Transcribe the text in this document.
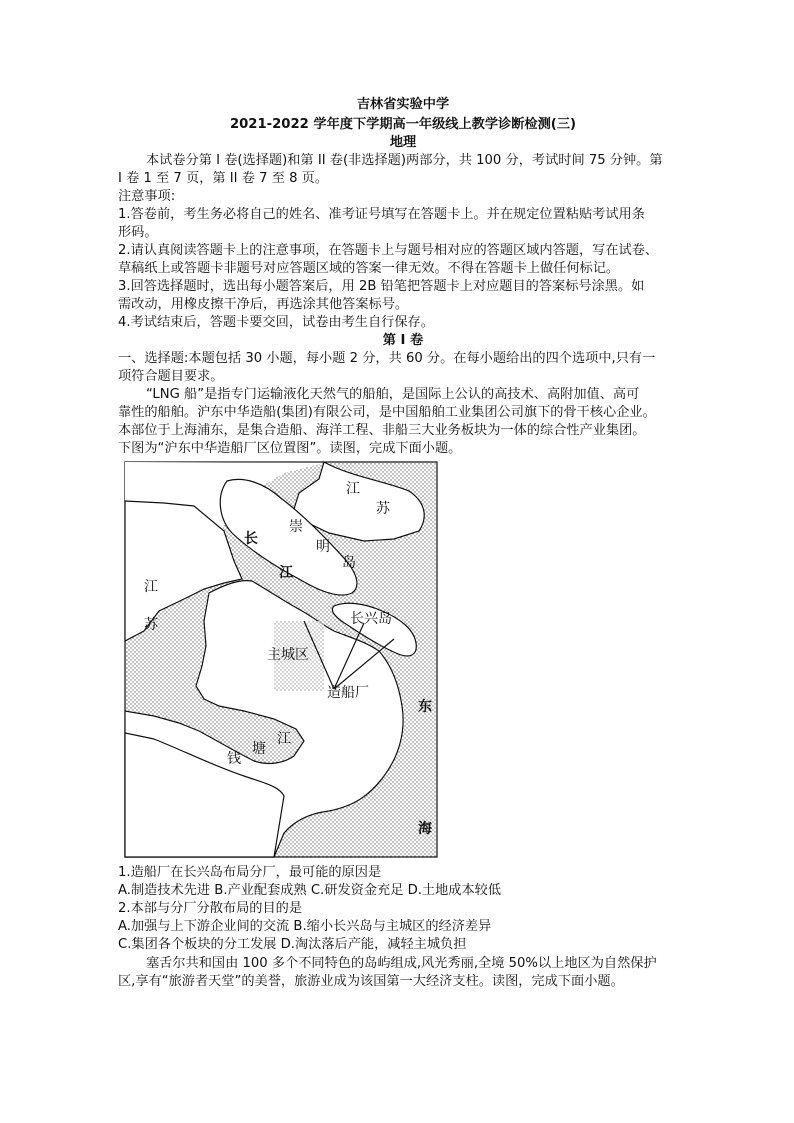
吉林省实验中学
2021-2022 学年度下学期高一年级线上教学诊断检测(三)
地理
本试卷分第 I 卷(选择题)和第 II 卷(非选择题)两部分，共 100 分，考试时间 75 分钟。第
I 卷 1 至 7 页，第 II 卷 7 至 8 页。
注意事项:
1.答卷前，考生务必将自己的姓名、准考证号填写在答题卡上。并在规定位置粘贴考试用条
形码。
2.请认真阅读答题卡上的注意事项，在答题卡上与题号相对应的答题区域内答题，写在试卷、
草稿纸上或答题卡非题号对应答题区域的答案一律无效。不得在答题卡上做任何标记。
3.回答选择题时，选出每小题答案后，用 2B 铅笔把答题卡上对应题目的答案标号涂黑。如
需改动，用橡皮擦干净后，再选涂其他答案标号。
4.考试结束后，答题卡要交回，试卷由考生自行保存。
第 I 卷
一、选择题:本题包括 30 小题，每小题 2 分，共 60 分。在每小题给出的四个选项中,只有一
项符合题目要求。
“LNG 船”是指专门运输液化天然气的船舶，是国际上公认的高技术、高附加值、高可
靠性的船舶。沪东中华造船(集团)有限公司，是中国船舶工业集团公司旗下的骨干核心企业。
本部位于上海浦东，是集合造船、海洋工程、非船三大业务板块为一体的综合性产业集团。
下图为“沪东中华造船厂区位置图”。读图，完成下面小题。
江
苏
崇
明
岛
长
江
江
苏	长兴岛
主城区
造船厂
东
海
钱
塘
江
1.造船厂在长兴岛布局分厂，最可能的原因是
A.制造技术先进 B.产业配套成熟 C.研发资金充足 D.土地成本较低
2.本部与分厂分散布局的目的是
A.加强与上下游企业间的交流 B.缩小长兴岛与主城区的经济差异
C.集团各个板块的分工发展 D.淘汰落后产能，减轻主城负担
塞舌尔共和国由 100 多个不同特色的岛屿组成,风光秀丽,全境 50%以上地区为自然保护
区,享有“旅游者天堂”的美誉，旅游业成为该国第一大经济支柱。读图，完成下面小题。
